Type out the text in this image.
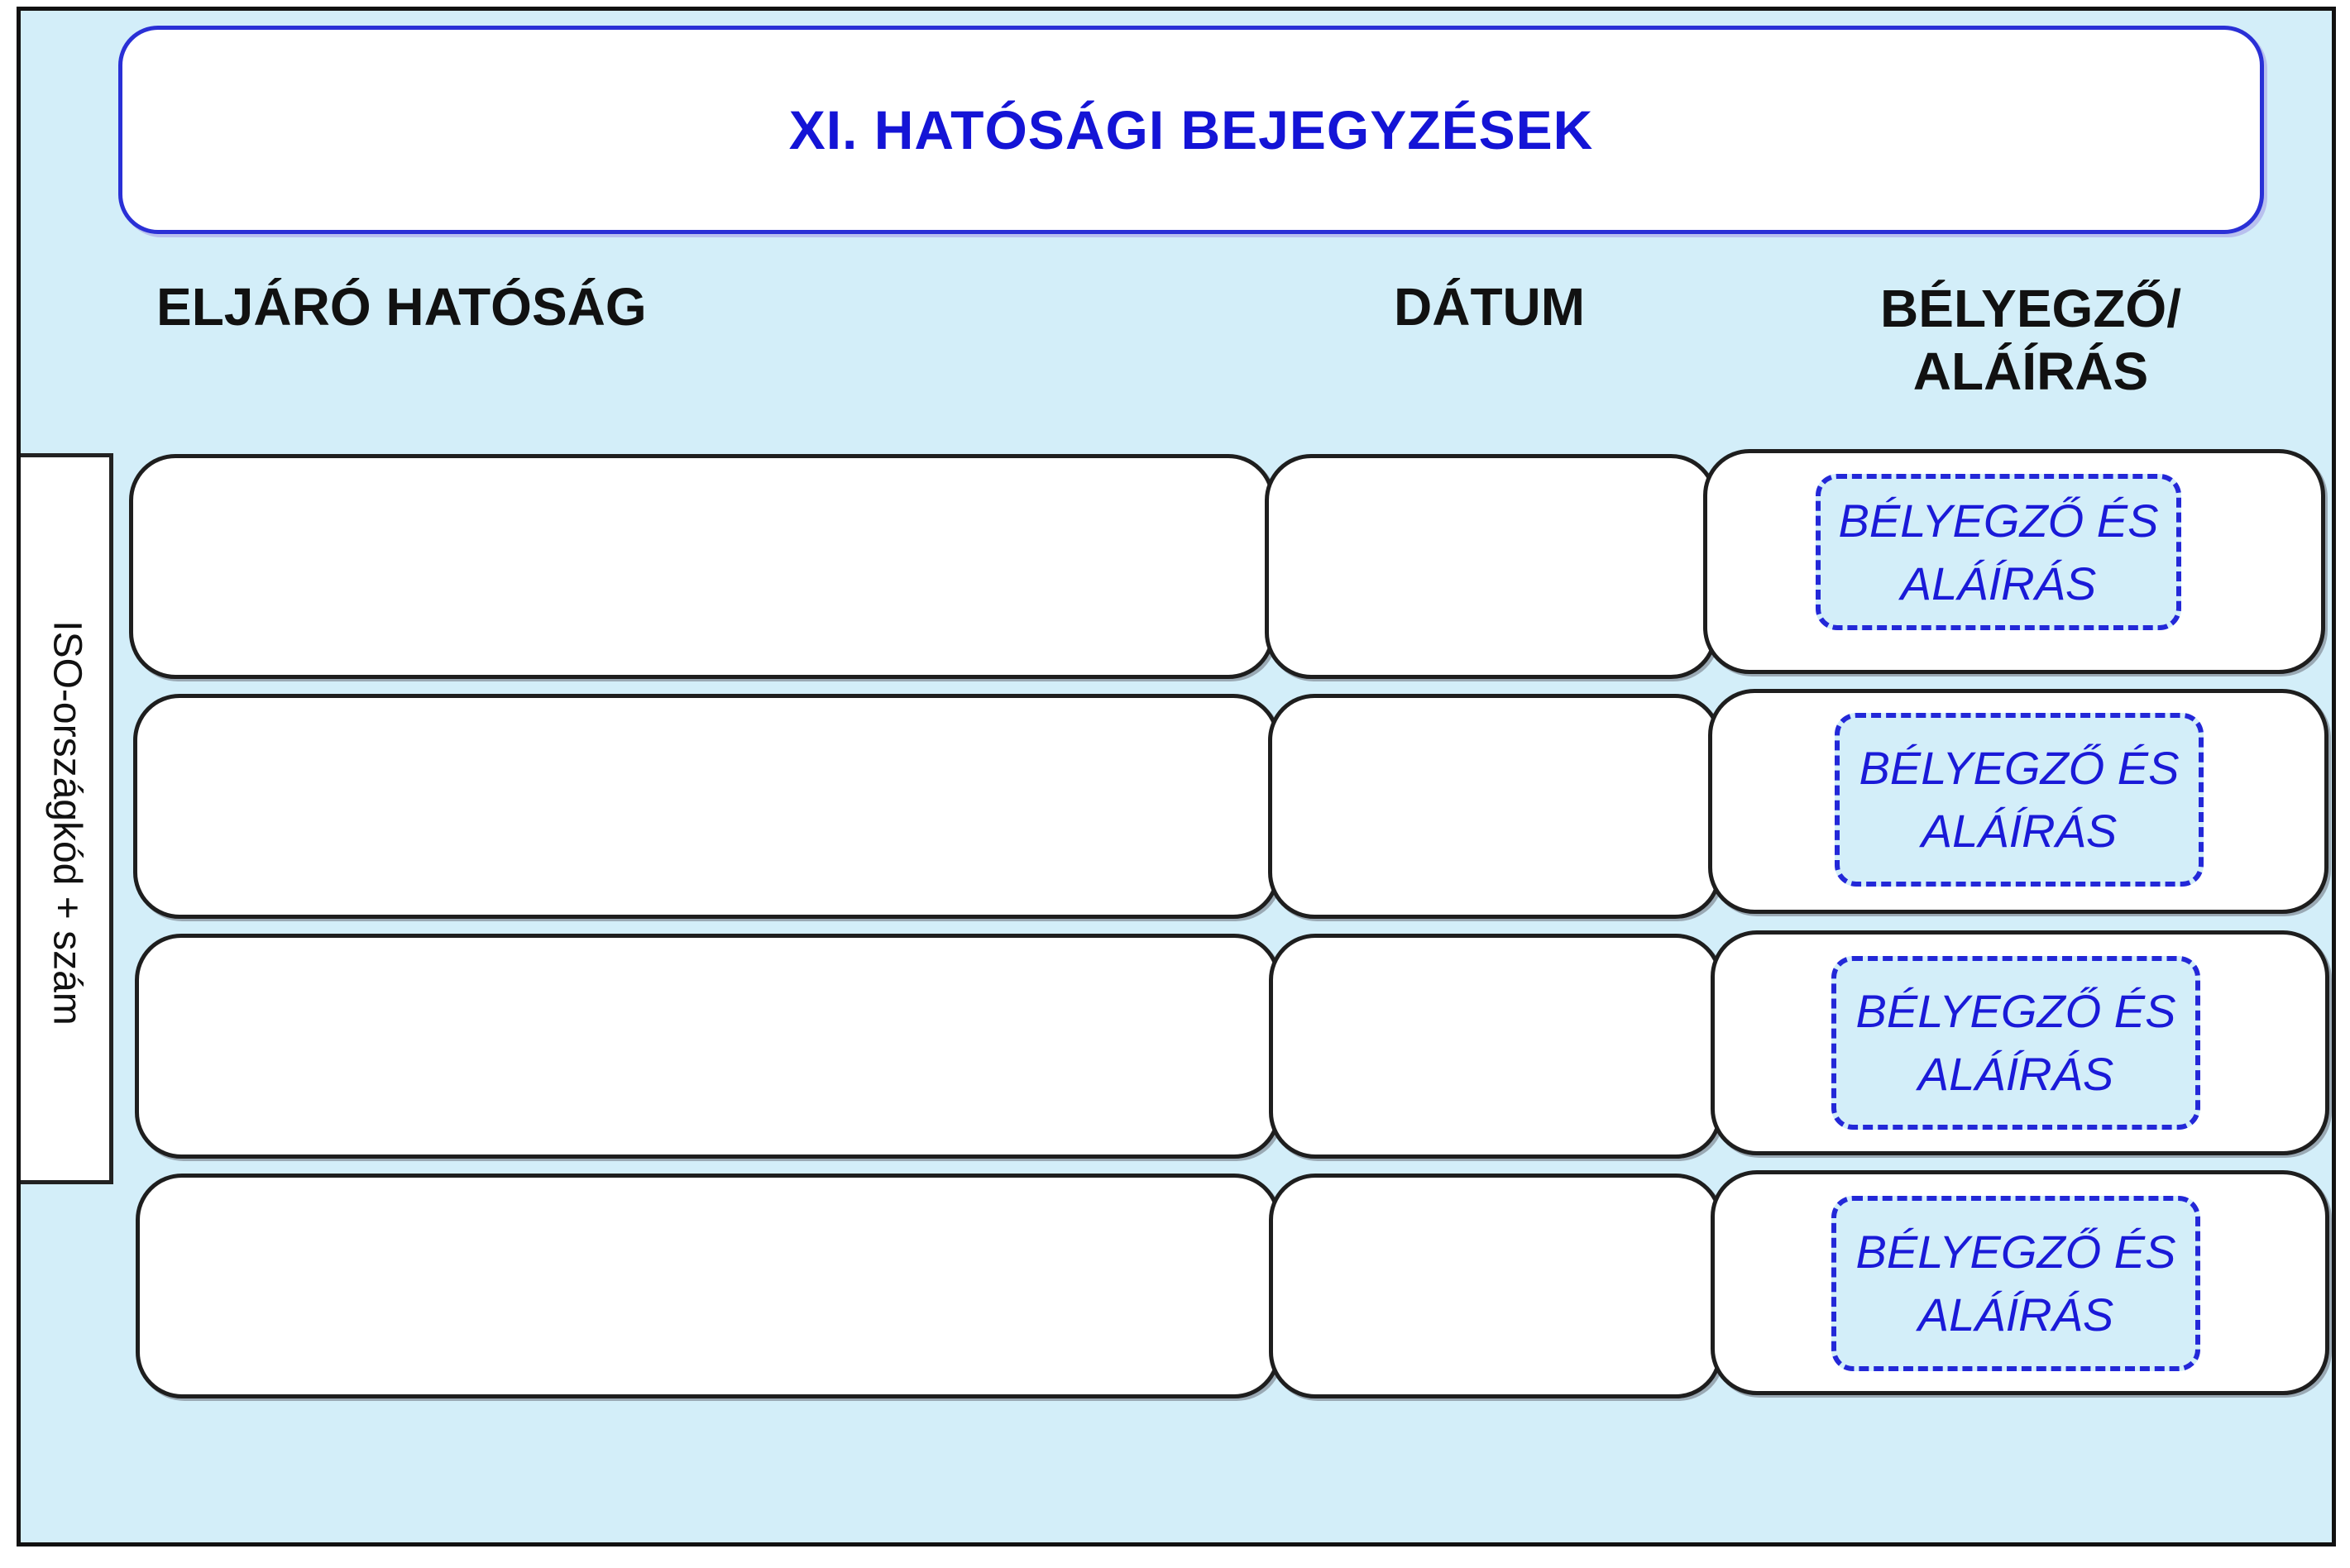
XI. HATÓSÁGI BEJEGYZÉSEK
ELJÁRÓ HATÓSÁG	DÁTUM	BÉLYEGZŐ/
ALÁÍRÁS
ISO-országkód + szám
BÉLYEGZŐ ÉS
ALÁÍRÁS
BÉLYEGZŐ ÉS
ALÁÍRÁS
BÉLYEGZŐ ÉS
ALÁÍRÁS
BÉLYEGZŐ ÉS
ALÁÍRÁS
